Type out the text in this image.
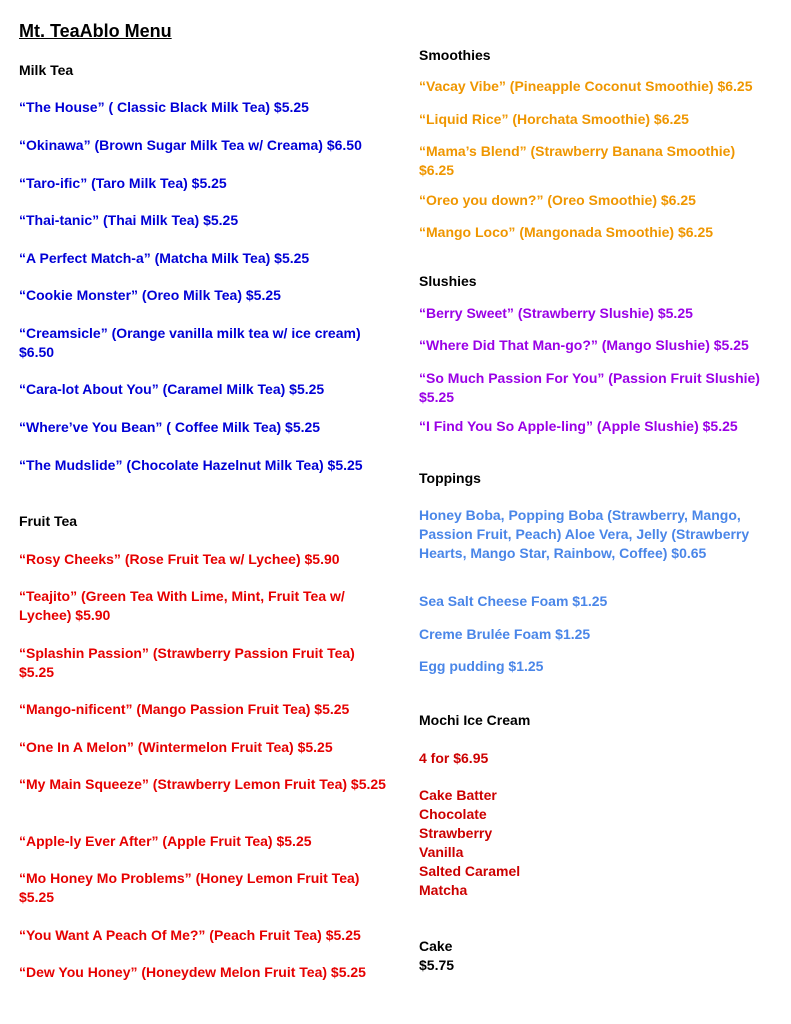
Mt. TeaAblo Menu
Milk Tea
“The House” ( Classic Black Milk Tea) $5.25
“Okinawa” (Brown Sugar Milk Tea w/ Creama) $6.50
“Taro-ific” (Taro Milk Tea) $5.25
“Thai-tanic” (Thai Milk Tea) $5.25
“A Perfect Match-a” (Matcha Milk Tea) $5.25
“Cookie Monster” (Oreo Milk Tea) $5.25
“Creamsicle” (Orange vanilla milk tea w/ ice cream) $6.50
“Cara-lot About You” (Caramel Milk Tea) $5.25
“Where’ve You Bean” ( Coffee Milk Tea) $5.25
“The Mudslide” (Chocolate Hazelnut Milk Tea) $5.25
Fruit Tea
“Rosy Cheeks” (Rose Fruit Tea w/ Lychee) $5.90
“Teajito” (Green Tea With Lime, Mint, Fruit Tea w/ Lychee) $5.90
“Splashin Passion” (Strawberry Passion Fruit Tea) $5.25
“Mango-nificent” (Mango Passion Fruit Tea) $5.25
“One In A Melon” (Wintermelon Fruit Tea) $5.25
“My Main Squeeze” (Strawberry Lemon Fruit Tea) $5.25
“Apple-ly Ever After” (Apple Fruit Tea) $5.25
“Mo Honey Mo Problems” (Honey Lemon Fruit Tea) $5.25
“You Want A Peach Of Me?” (Peach Fruit Tea) $5.25
“Dew You Honey” (Honeydew Melon Fruit Tea) $5.25
Smoothies
“Vacay Vibe” (Pineapple Coconut Smoothie) $6.25
“Liquid Rice” (Horchata Smoothie) $6.25
“Mama’s Blend” (Strawberry Banana Smoothie) $6.25
“Oreo you down?” (Oreo Smoothie) $6.25
“Mango Loco” (Mangonada Smoothie) $6.25
Slushies
“Berry Sweet” (Strawberry Slushie) $5.25
“Where Did That Man-go?” (Mango Slushie) $5.25
“So Much Passion For You” (Passion Fruit Slushie) $5.25
“I Find You So Apple-ling” (Apple Slushie) $5.25
Toppings
Honey Boba, Popping Boba (Strawberry, Mango, Passion Fruit, Peach) Aloe Vera, Jelly (Strawberry Hearts, Mango Star, Rainbow, Coffee) $0.65
Sea Salt Cheese Foam $1.25
Creme Brulée Foam $1.25
Egg pudding $1.25
Mochi Ice Cream
4 for $6.95
Cake Batter
Chocolate
Strawberry
Vanilla
Salted Caramel
Matcha
Cake
$5.75
